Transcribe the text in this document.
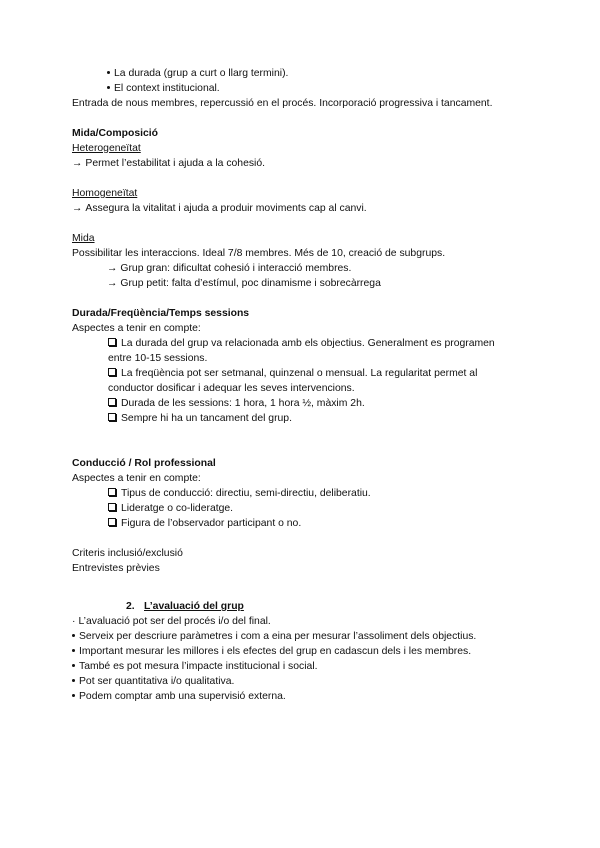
La durada (grup a curt o llarg termini).
El context institucional.
Entrada de nous membres, repercussió en el procés. Incorporació progressiva i tancament.
Mida/Composició
Heterogeneïtat
→ Permet l’estabilitat i ajuda a la cohesió.
Homogeneïtat
→ Assegura la vitalitat i ajuda a produir moviments cap al canvi.
Mida
Possibilitar les interaccions. Ideal 7/8 membres. Més de 10, creació de subgrups.
→ Grup gran: dificultat cohesió i interacció membres.
→ Grup petit: falta d’estímul, poc dinamisme i sobrecàrrega
Durada/Freqüència/Temps sessions
Aspectes a tenir en compte:
La durada del grup va relacionada amb els objectius. Generalment es programen
entre 10-15 sessions.
La freqüència pot ser setmanal, quinzenal o mensual. La regularitat permet al
conductor dosificar i adequar les seves intervencions.
Durada de les sessions: 1 hora, 1 hora ½, màxim 2h.
Sempre hi ha un tancament del grup.
Conducció / Rol professional
Aspectes a tenir en compte:
Tipus de conducció: directiu, semi-directiu, deliberatiu.
Lideratge o co-lideratge.
Figura de l’observador participant o no.
Criteris inclusió/exclusió
Entrevistes prèvies
2. L’avaluació del grup
· L’avaluació pot ser del procés i/o del final.
Serveix per descriure paràmetres i com a eina per mesurar l’assoliment dels objectius.
Important mesurar les millores i els efectes del grup en cadascun dels i les membres.
També es pot mesura l’impacte institucional i social.
Pot ser quantitativa i/o qualitativa.
Podem comptar amb una supervisió externa.
